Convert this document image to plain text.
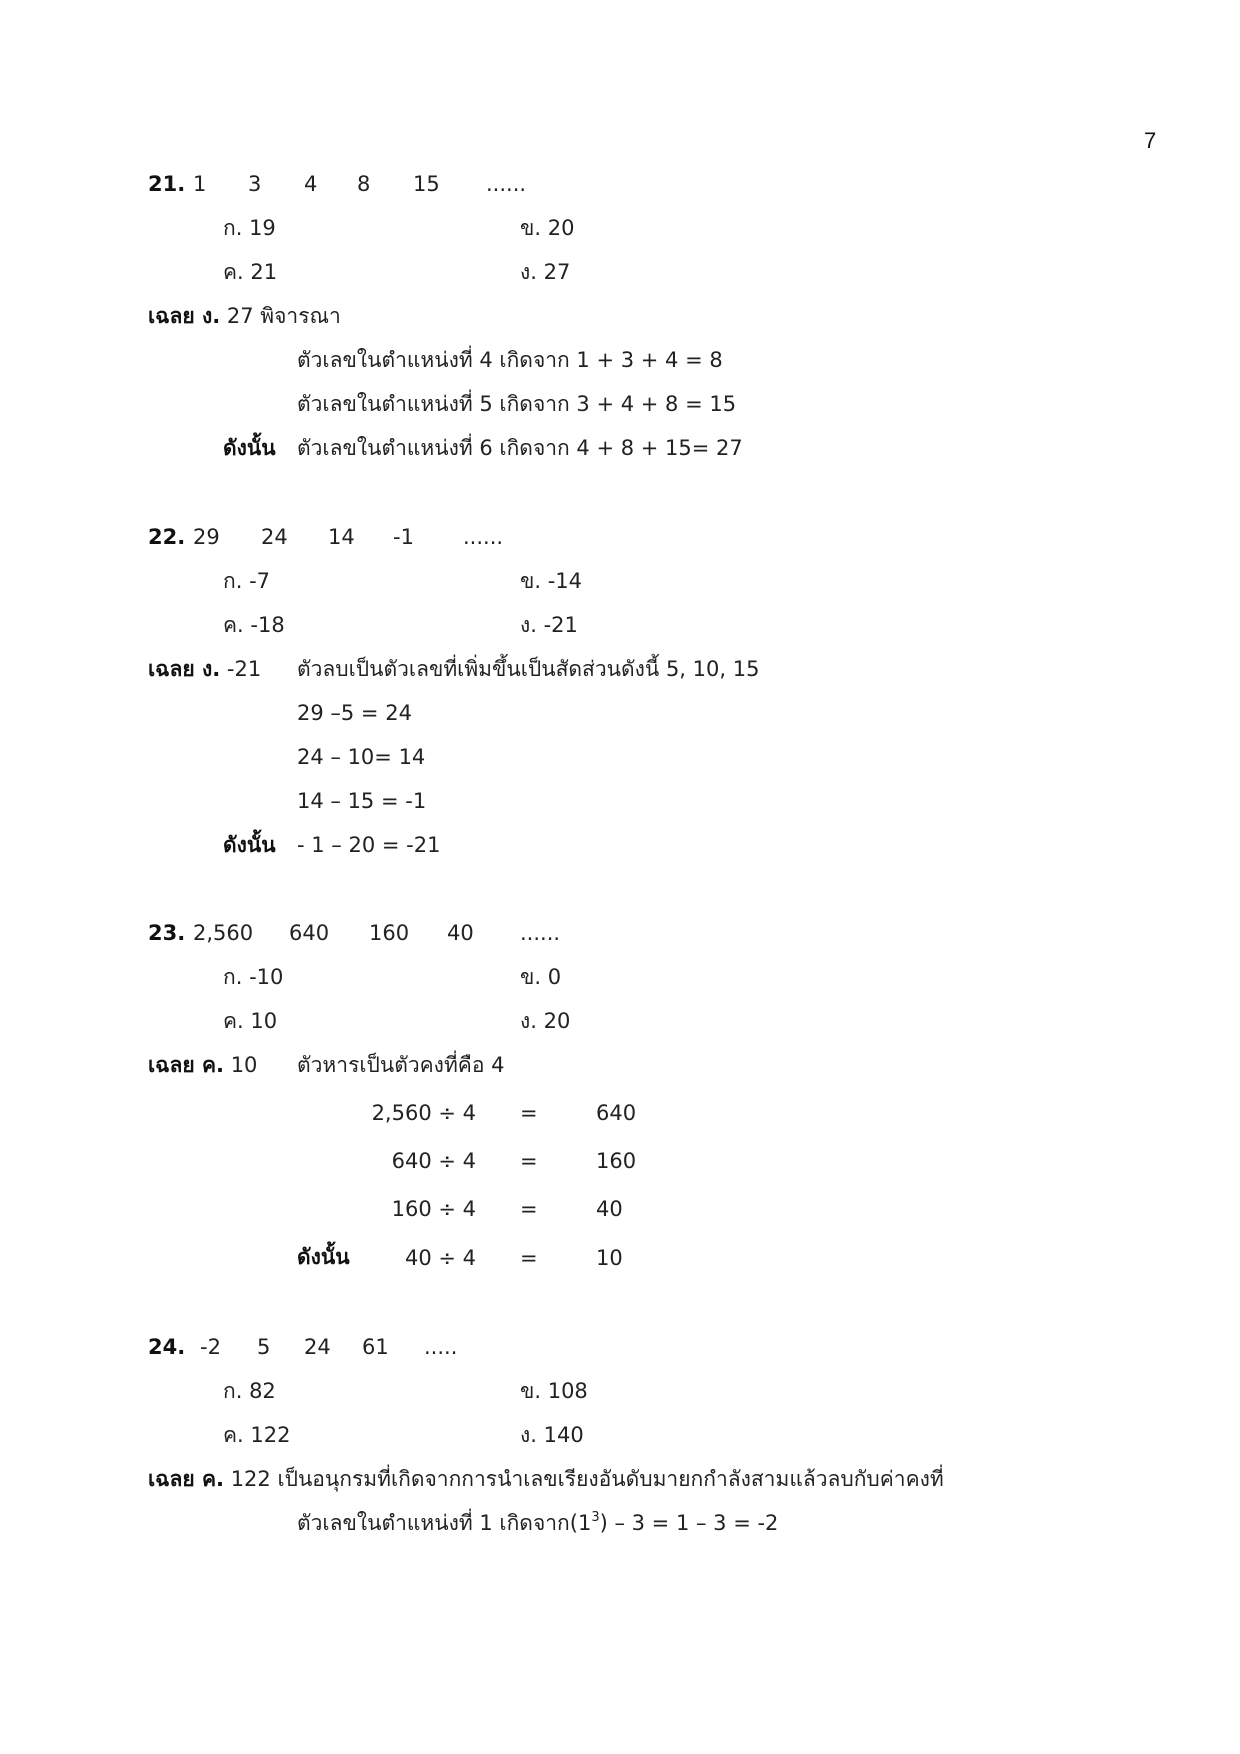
7
21. 1 3 4 8 15 ......
ก. 19	ข. 20
ค. 21	ง. 27
เฉลย ง. 27 พิจารณา
ตัวเลขในตำแหน่งที่ 4 เกิดจาก 1 + 3 + 4 = 8
ตัวเลขในตำแหน่งที่ 5 เกิดจาก 3 + 4 + 8 = 15
ดังนั้น ตัวเลขในตำแหน่งที่ 6 เกิดจาก 4 + 8 + 15= 27
22. 29 24 14 -1 ......
ก. -7	ข. -14
ค. -18	ง. -21
เฉลย ง. -21 ตัวลบเป็นตัวเลขที่เพิ่มขึ้นเป็นสัดส่วนดังนี้ 5, 10, 15
29 –5 = 24
24 – 10= 14
14 – 15 = -1
ดังนั้น - 1 – 20 = -21
23. 2,560 640 160 40 ......
ก. -10	ข. 0
ค. 10	ง. 20
เฉลย ค. 10 ตัวหารเป็นตัวคงที่คือ 4
2,560 ÷ 4 =	640
640 ÷ 4 =	160
160 ÷ 4 =	40
ดังนั้น	40 ÷ 4 =	10
24. -2 5 24 61 .....
ก. 82	ข. 108
ค. 122	ง. 140
เฉลย ค. 122 เป็นอนุกรมที่เกิดจากการนำเลขเรียงอันดับมายกกำลังสามแล้วลบกับค่าคงที่
ตัวเลขในตำแหน่งที่ 1 เกิดจาก$(1^3) - 3 = 1 - 3 = -2$
